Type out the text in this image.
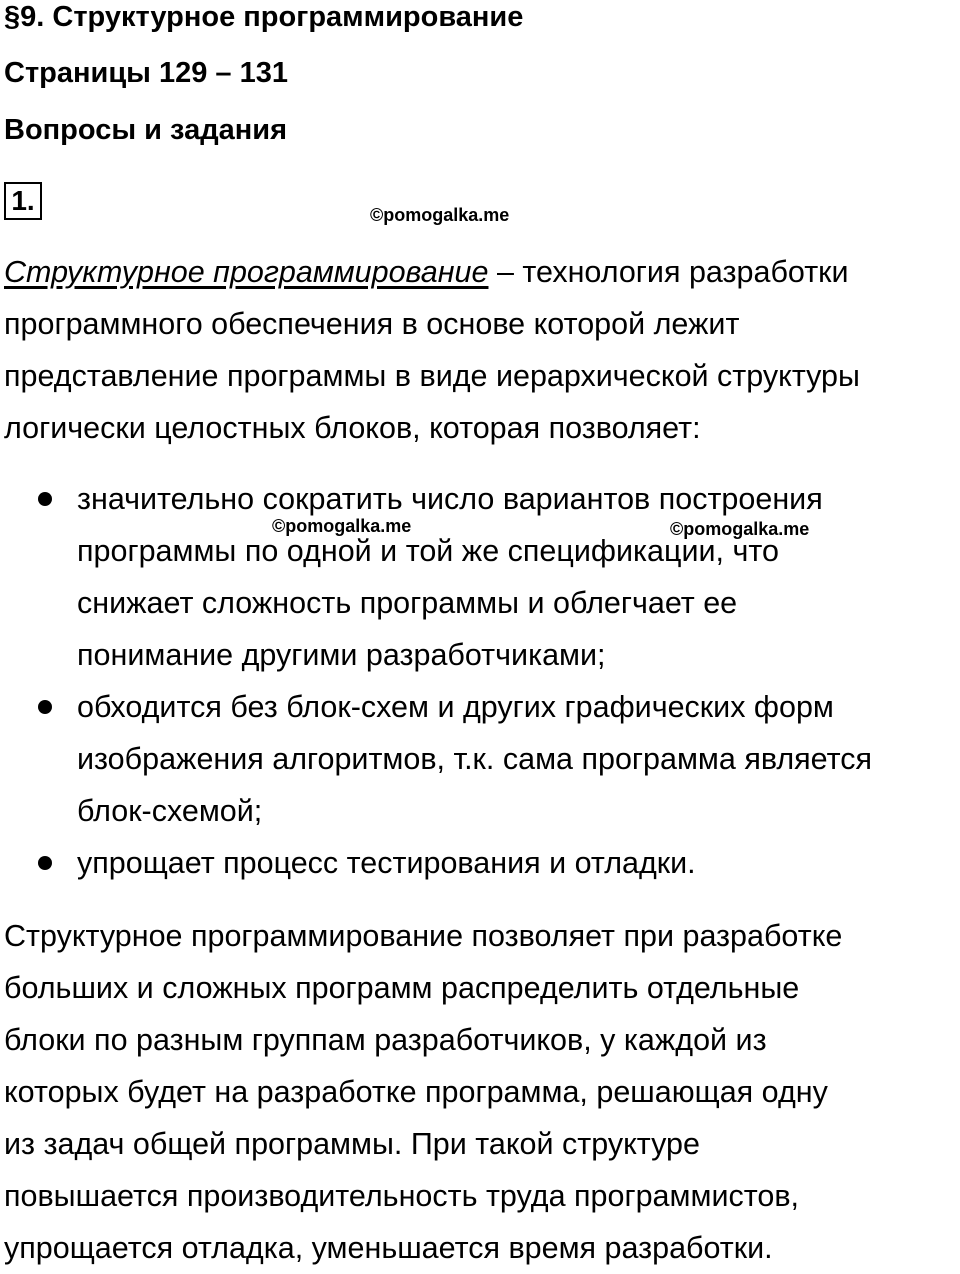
§9. Структурное программирование
Страницы 129 – 131
Вопросы и задания
1.	©pomogalka.me
Структурное программирование – технология разработки
программного обеспечения в основе которой лежит
представление программы в виде иерархической структуры
логически целостных блоков, которая позволяет:
значительно сократить число вариантов построения
программы по одной и той же спецификации, что
снижает сложность программы и облегчает ее
понимание другими разработчиками;
обходится без блок-схем и других графических форм
изображения алгоритмов, т.к. сама программа является
блок-схемой;
упрощает процесс тестирования и отладки.
©pomogalka.me	©pomogalka.me
Структурное программирование позволяет при разработке
больших и сложных программ распределить отдельные
блоки по разным группам разработчиков, у каждой из
которых будет на разработке программа, решающая одну
из задач общей программы. При такой структуре
повышается производительность труда программистов,
упрощается отладка, уменьшается время разработки.
